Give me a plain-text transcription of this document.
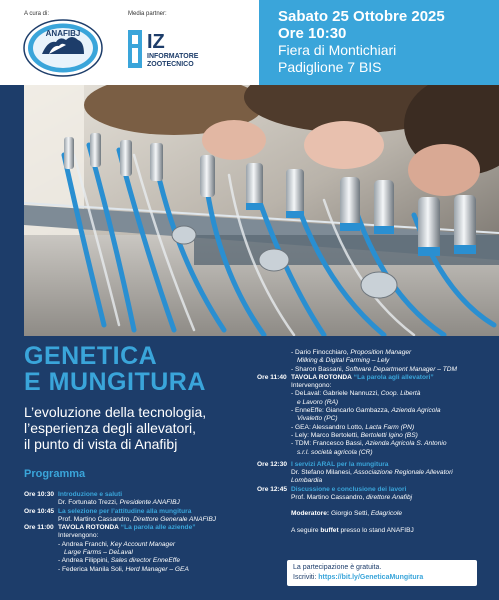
A cura di:	Media partner:
ANAFIBJ	IZ
INFORMATORE
ZOOTECNICO
Sabato 25 Ottobre 2025
Ore 10:30
Fiera di Montichiari
Padiglione 7 BIS
GENETICA
E MUNGITURA
L’evoluzione della tecnologia,
l’esperienza degli allevatori,
il punto di vista di Anafibj
Programma
Ore 10:30 Introduzione e saluti
Dr. Fortunato Trezzi, Presidente ANAFIBJ
Ore 10:45 La selezione per l’attitudine alla mungitura
Prof. Martino Cassandro, Direttore Generale ANAFIBJ
Ore 11:00 TAVOLA ROTONDA “La parola alle aziende”
Intervengono:
- Andrea Franchi, Key Account Manager
Large Farms – DeLaval
- Andrea Filippini, Sales director EnneEffe
- Federica Manila Soli, Herd Manager – GEA
- Dario Finocchiaro, Proposition Manager
Milking & Digital Farming – Lely
- Sharon Bassani, Software Department Manager – TDM
Ore 11:40 TAVOLA ROTONDA “La parola agli allevatori”
Intervengono:
- DeLaval: Gabriele Nannuzzi, Coop. Libertà
e Lavoro (RA)
- EnneEffe: Giancarlo Gambazza, Azienda Agricola
Vivaletto (PC)
- GEA: Alessandro Lotto, Lacta Farm (PN)
- Lely: Marco Bertoletti, Bertoletti Igino (BS)
- TDM: Francesco Bassi, Azienda Agricola S. Antonio
s.r.l. società agricola (CR)
Ore 12:30 I servizi ARAL per la mungitura
Dr. Stefano Milanesi, Associazione Regionale Allevatori
Lombardia
Ore 12:45 Discussione e conclusione dei lavori
Prof. Martino Cassandro, direttore Anafibj
Moderatore: Giorgio Setti, Edagricole
A seguire buffet presso lo stand ANAFIBJ
La partecipazione è gratuita.
Iscriviti: https://bit.ly/GeneticaMungitura
